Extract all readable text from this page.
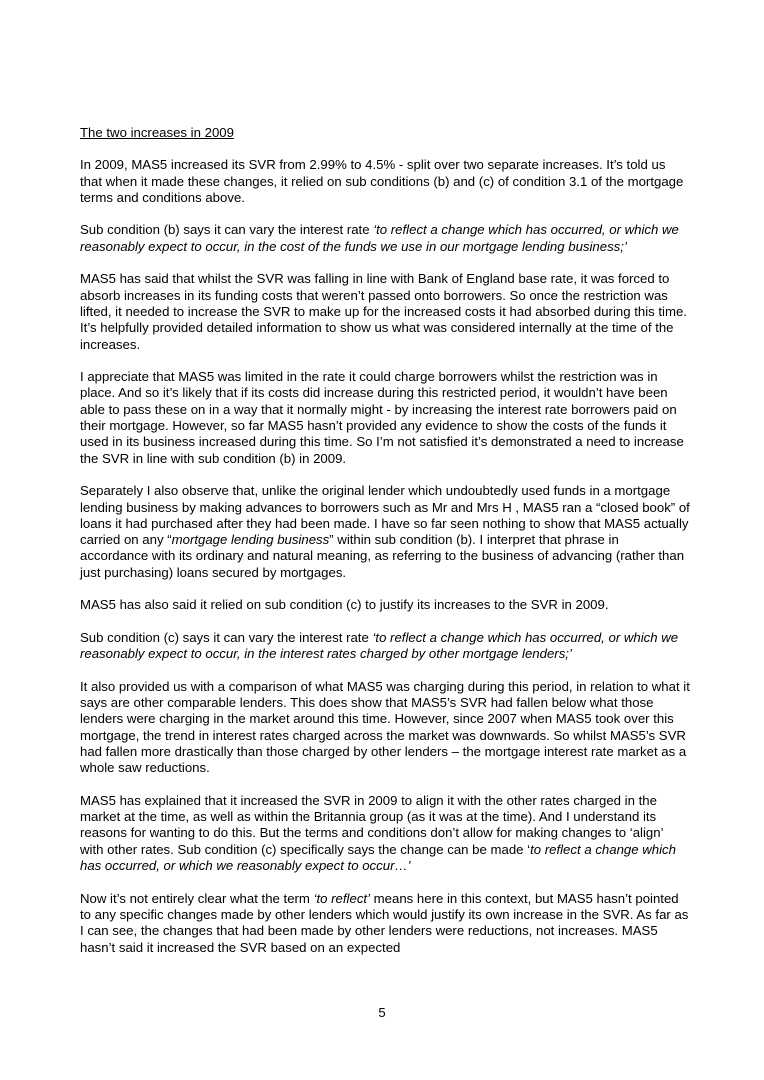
The two increases in 2009

In 2009, MAS5 increased its SVR from 2.99% to 4.5% - split over two separate increases. It’s told us that when it made these changes, it relied on sub conditions (b) and (c) of condition 3.1 of the mortgage terms and conditions above.

Sub condition (b) says it can vary the interest rate ‘to reflect a change which has occurred, or which we reasonably expect to occur, in the cost of the funds we use in our mortgage lending business;’

MAS5 has said that whilst the SVR was falling in line with Bank of England base rate, it was forced to absorb increases in its funding costs that weren’t passed onto borrowers. So once the restriction was lifted, it needed to increase the SVR to make up for the increased costs it had absorbed during this time. It’s helpfully provided detailed information to show us what was considered internally at the time of the increases.

I appreciate that MAS5 was limited in the rate it could charge borrowers whilst the restriction was in place. And so it’s likely that if its costs did increase during this restricted period, it wouldn’t have been able to pass these on in a way that it normally might - by increasing the interest rate borrowers paid on their mortgage. However, so far MAS5 hasn’t provided any evidence to show the costs of the funds it used in its business increased during this time. So I’m not satisfied it’s demonstrated a need to increase the SVR in line with sub condition (b) in 2009.

Separately I also observe that, unlike the original lender which undoubtedly used funds in a mortgage lending business by making advances to borrowers such as Mr and Mrs H , MAS5 ran a “closed book” of loans it had purchased after they had been made. I have so far seen nothing to show that MAS5 actually carried on any “mortgage lending business” within sub condition (b). I interpret that phrase in accordance with its ordinary and natural meaning, as referring to the business of advancing (rather than just purchasing) loans secured by mortgages.

MAS5 has also said it relied on sub condition (c) to justify its increases to the SVR in 2009.

Sub condition (c) says it can vary the interest rate ‘to reflect a change which has occurred, or which we reasonably expect to occur, in the interest rates charged by other mortgage lenders;’

It also provided us with a comparison of what MAS5 was charging during this period, in relation to what it says are other comparable lenders. This does show that MAS5’s SVR had fallen below what those lenders were charging in the market around this time. However, since 2007 when MAS5 took over this mortgage, the trend in interest rates charged across the market was downwards. So whilst MAS5’s SVR had fallen more drastically than those charged by other lenders – the mortgage interest rate market as a whole saw reductions.

MAS5 has explained that it increased the SVR in 2009 to align it with the other rates charged in the market at the time, as well as within the Britannia group (as it was at the time). And I understand its reasons for wanting to do this. But the terms and conditions don’t allow for making changes to ‘align’ with other rates. Sub condition (c) specifically says the change can be made ‘to reflect a change which has occurred, or which we reasonably expect to occur…’

Now it’s not entirely clear what the term ‘to reflect’ means here in this context, but MAS5 hasn’t pointed to any specific changes made by other lenders which would justify its own increase in the SVR. As far as I can see, the changes that had been made by other lenders were reductions, not increases. MAS5 hasn’t said it increased the SVR based on an expected

5
